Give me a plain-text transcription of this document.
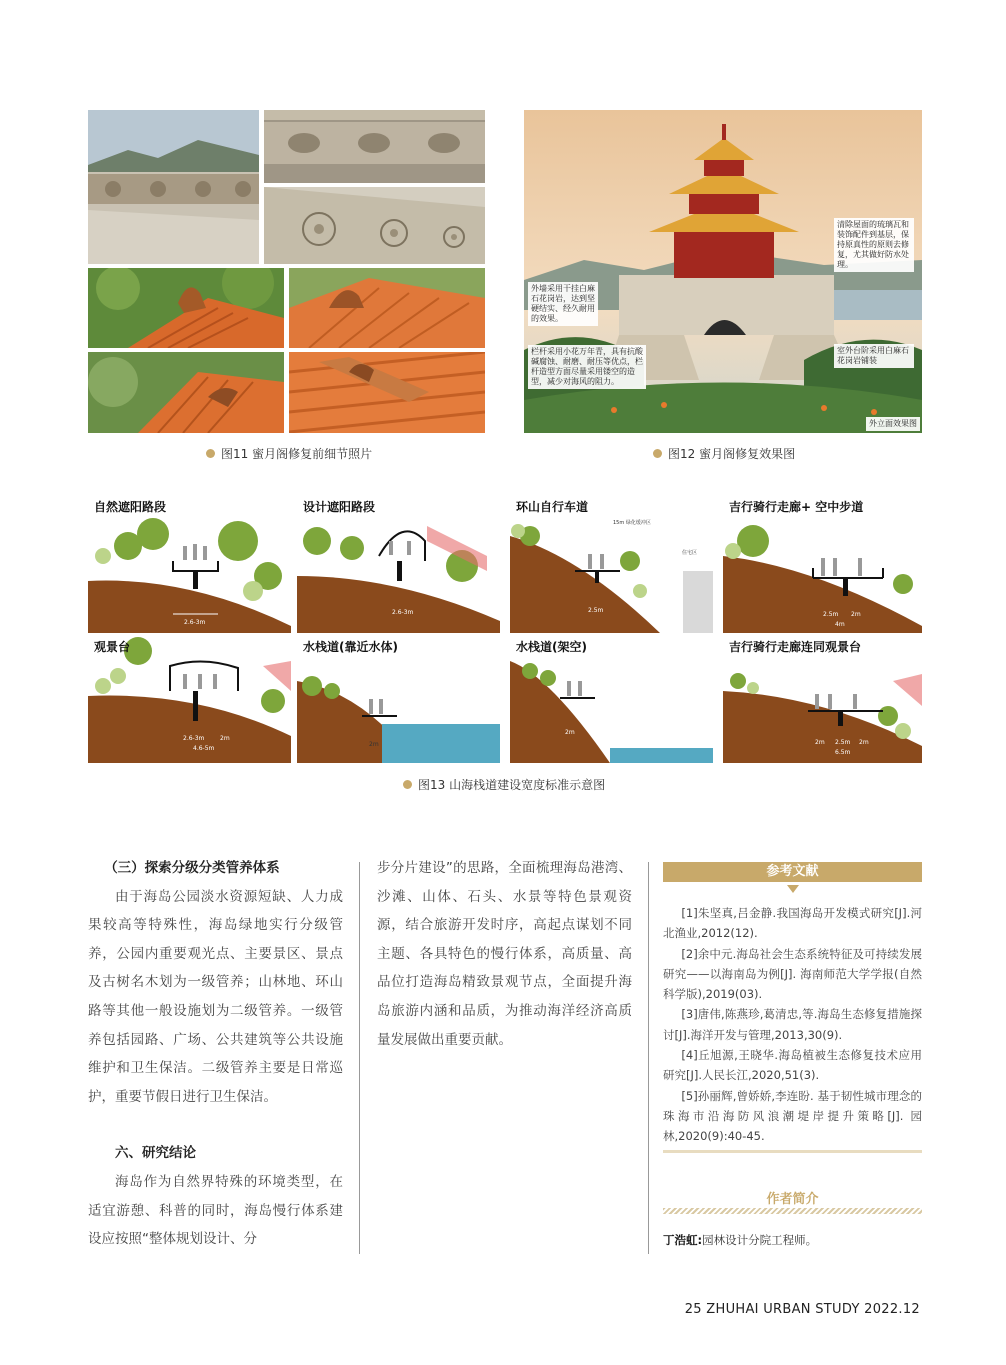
图11 蜜月阁修复前细节照片
外墙采用干挂白麻石花岗岩，达到坚硬结实、经久耐用的效果。
栏杆采用小花万年青，具有抗酸碱腐蚀、耐磨、耐压等优点，栏杆造型方面尽量采用镂空的造型，减少对海风的阻力。
清除屋面的琉璃瓦和装饰配件到基层，保持原真性的原则去修复，尤其做好防水处理。
室外台阶采用白麻石花岗岩铺装
外立面效果图
图12 蜜月阁修复效果图
自然遮阳路段
2.6-3m
设计遮阳路段
2.6-3m
环山自行车道
15m 绿化缓冲区
住宅区
2.5m
吉行骑行走廊+ 空中步道
2.5m 2m
4m
观景台
2.6-3m	2m
4.6-5m
水栈道(靠近水体)
2m
水栈道(架空)
2m
吉行骑行走廊连同观景台
2m 2.5m 2m
6.5m
图13 山海栈道建设宽度标准示意图
（三）探索分级分类管养体系

由于海岛公园淡水资源短缺、人力成果较高等特殊性，海岛绿地实行分级管养，公园内重要观光点、主要景区、景点及古树名木划为一级管养；山林地、环山路等其他一般设施划为二级管养。一级管养包括园路、广场、公共建筑等公共设施维护和卫生保洁。二级管养主要是日常巡护，重要节假日进行卫生保洁。

六、研究结论

海岛作为自然界特殊的环境类型，在适宜游憩、科普的同时，海岛慢行体系建设应按照“整体规划设计、分

步分片建设”的思路，全面梳理海岛港湾、沙滩、山体、石头、水景等特色景观资源，结合旅游开发时序，高起点谋划不同主题、各具特色的慢行体系，高质量、高品位打造海岛精致景观节点，全面提升海岛旅游内涵和品质，为推动海洋经济高质量发展做出重要贡献。

参考文献

[1]朱坚真,吕金静.我国海岛开发模式研究[J].河北渔业,2012(12).

[2]余中元.海岛社会生态系统特征及可持续发展研究——以海南岛为例[J]. 海南师范大学学报(自然科学版),2019(03).

[3]唐伟,陈燕珍,葛清忠,等.海岛生态修复措施探讨[J].海洋开发与管理,2013,30(9).

[4]丘旭源,王晓华.海岛植被生态修复技术应用研究[J].人民长江,2020,51(3).

[5]孙丽辉,曾娇娇,李连盼. 基于韧性城市理念的珠海市沿海防风浪潮堤岸提升策略[J]. 园林,2020(9):40-45.

作者简介
丁浩虹:园林设计分院工程师。
25 ZHUHAI URBAN STUDY 2022.12
